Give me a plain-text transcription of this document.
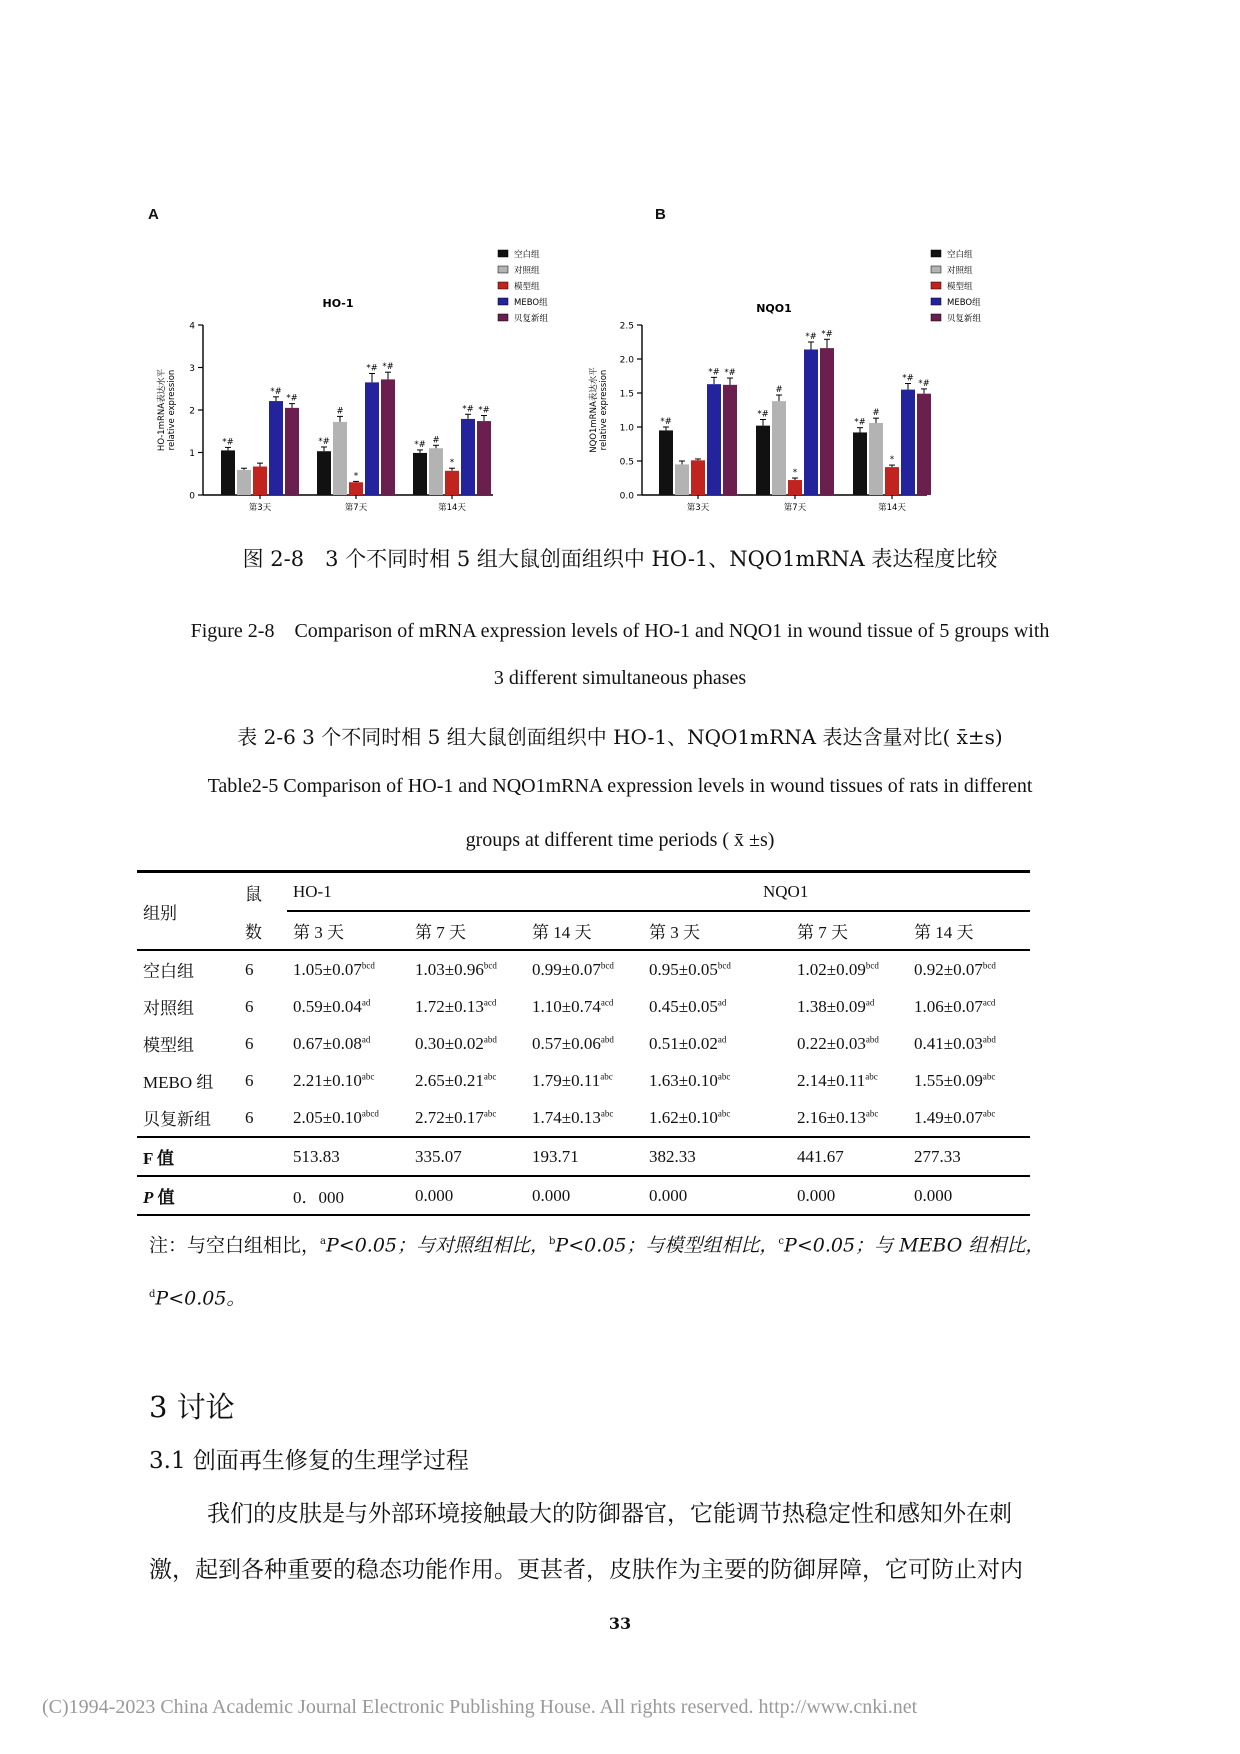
A	B
0
1
2
3
4
HO-1mRNA表达水平 relative expression
HO-1
第3天
*#
*#
*#
第7天
*#
#
*
*# *#
第14天
*# #
*
*# *#
空白组
对照组
模型组
MEBO组
贝复新组
0.0
0.5
1.0
1.5
2.0
2.5
NQO1mRNA表达水平 relative expression
NQO1
第3天
*#
*# *#
第7天
*#
#
*
*# *#
第14天
*#
#
*
*#
*#
空白组
对照组
模型组
MEBO组
贝复新组
图 2-8　3 个不同时相 5 组大鼠创面组织中 HO-1、NQO1mRNA 表达程度比较
Figure 2-8　Comparison of mRNA expression levels of HO-1 and NQO1 in wound tissue of 5 groups with
3 different simultaneous phases
表 2-6 3 个不同时相 5 组大鼠创面组织中 HO-1、NQO1mRNA 表达含量对比( x̄±s)
Table2-5 Comparison of HO-1 and NQO1mRNA expression levels in wound tissues of rats in different
groups at different time periods ( x̄ ±s)
组别	鼠	HO-1			NQO1		
	数	第 3 天	第 7 天	第 14 天	第 3 天	第 7 天	第 14 天
空白组	6	1.05±0.07$^{bcd}$	1.03±0.96$^{bcd}$	0.99±0.07$^{bcd}$	0.95±0.05$^{bcd}$	1.02±0.09$^{bcd}$	0.92±0.07$^{bcd}$
对照组	6	0.59±0.04$^{ad}$	1.72±0.13$^{acd}$	1.10±0.74$^{acd}$	0.45±0.05$^{ad}$	1.38±0.09$^{ad}$	1.06±0.07$^{acd}$
模型组	6	0.67±0.08$^{ad}$	0.30±0.02$^{abd}$	0.57±0.06$^{abd}$	0.51±0.02$^{ad}$	0.22±0.03$^{abd}$	0.41±0.03$^{abd}$
MEBO 组	6	2.21±0.10$^{abc}$	2.65±0.21$^{abc}$	1.79±0.11$^{abc}$	1.63±0.10$^{abc}$	2.14±0.11$^{abc}$	1.55±0.09$^{abc}$
贝复新组	6	$2.05\pm 0.10^{abcd}$	2.72±0.17$^{abc}$	1.74±0.13$^{abc}$	1.62±0.10$^{abc}$	2.16±0.13$^{abc}$	1.49±0.07$^{abc}$
F 值		513.83	335.07	193.71	382.33	441.67	277.33
P 值		0．000	0.000	0.000	0.000	0.000	0.000
注：与空白组相比，$^a$P<0.05；与对照组相比，$^b$P<0.05；与模型组相比，$^c$P<0.05；与 MEBO 组相比，
$^d$P<0.05。
3 讨论
3.1 创面再生修复的生理学过程
我们的皮肤是与外部环境接触最大的防御器官，它能调节热稳定性和感知外在刺
激，起到各种重要的稳态功能作用。更甚者，皮肤作为主要的防御屏障，它可防止对内
33
(C)1994-2023 China Academic Journal Electronic Publishing House. All rights reserved. http://www.cnki.net
